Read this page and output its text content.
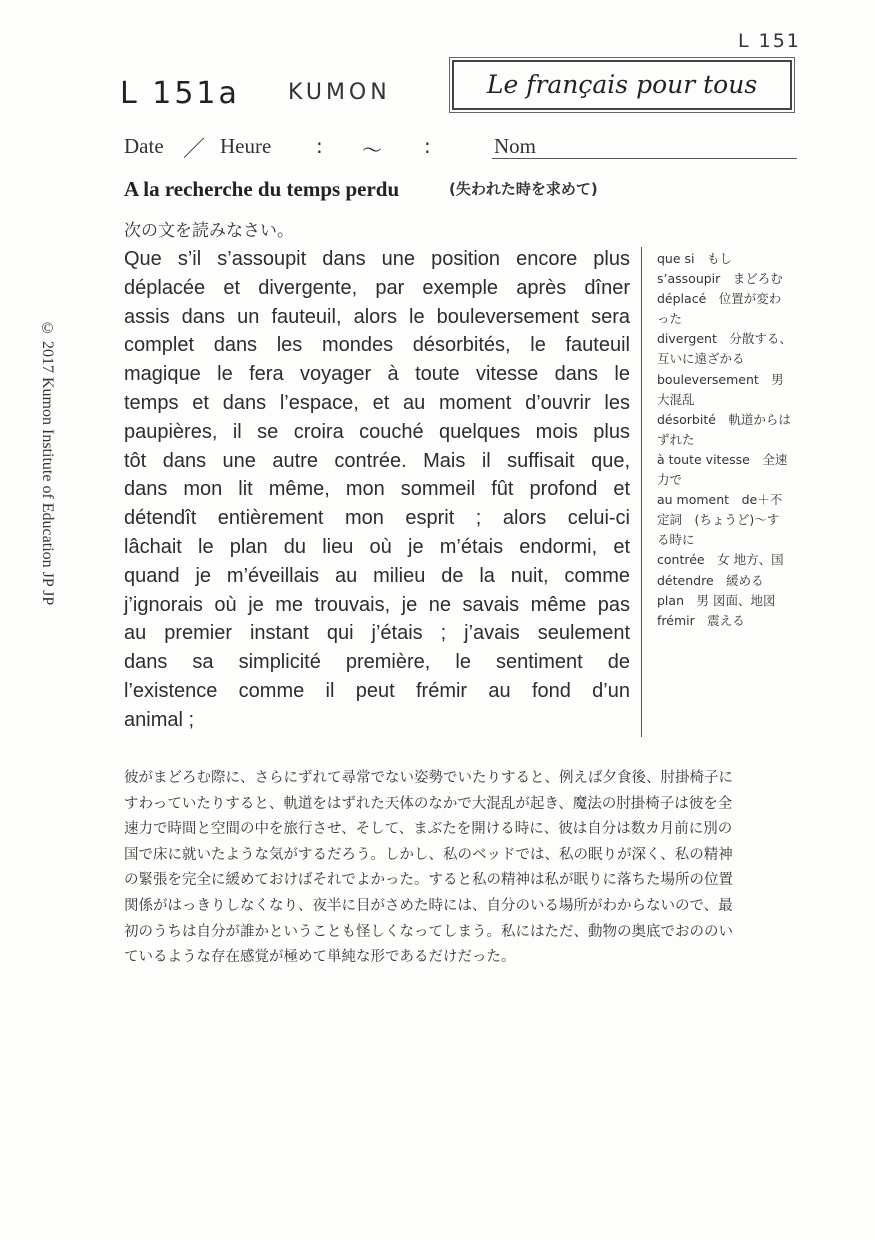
L 151
L 151a KUMON	Le français pour tous
Date ／ Heure : 〜 :	Nom
A la recherche du temps perdu	(失われた時を求めて)
次の文を読みなさい。
Que s’il s’assoupit dans une position encore plus
déplacée et divergente, par exemple après dîner
assis dans un fauteuil, alors le bouleversement sera
complet dans les mondes désorbités, le fauteuil
magique le fera voyager à toute vitesse dans le
temps et dans l’espace, et au moment d’ouvrir les
paupières, il se croira couché quelques mois plus
tôt dans une autre contrée. Mais il suffisait que,
dans mon lit même, mon sommeil fût profond et
détendît entièrement mon esprit ; alors celui-ci
lâchait le plan du lieu où je m’étais endormi, et
quand je m’éveillais au milieu de la nuit, comme
j’ignorais où je me trouvais, je ne savais même pas
au premier instant qui j’étais ; j’avais seulement
dans sa simplicité première, le sentiment de
l’existence comme il peut frémir au fond d’un
animal ;
que si　もし
s’assoupir　まどろむ
déplacé　位置が変わ
った
divergent　分散する、
互いに遠ざかる
bouleversement　男
大混乱
désorbité　軌道からは
ずれた
à toute vitesse　全速
力で
au moment　de＋不
定詞　(ちょうど)〜す
る時に
contrée　女 地方、国
détendre　緩める
plan　男 図面、地図
frémir　震える
© 2017 Kumon Institute of Education JP JP
彼がまどろむ際に、さらにずれて尋常でない姿勢でいたりすると、例えば夕食後、肘掛椅子に
すわっていたりすると、軌道をはずれた天体のなかで大混乱が起き、魔法の肘掛椅子は彼を全
速力で時間と空間の中を旅行させ、そして、まぶたを開ける時に、彼は自分は数カ月前に別の
国で床に就いたような気がするだろう。しかし、私のベッドでは、私の眠りが深く、私の精神
の緊張を完全に緩めておけばそれでよかった。すると私の精神は私が眠りに落ちた場所の位置
関係がはっきりしなくなり、夜半に目がさめた時には、自分のいる場所がわからないので、最
初のうちは自分が誰かということも怪しくなってしまう。私にはただ、動物の奥底でおののい
ているような存在感覚が極めて単純な形であるだけだった。
